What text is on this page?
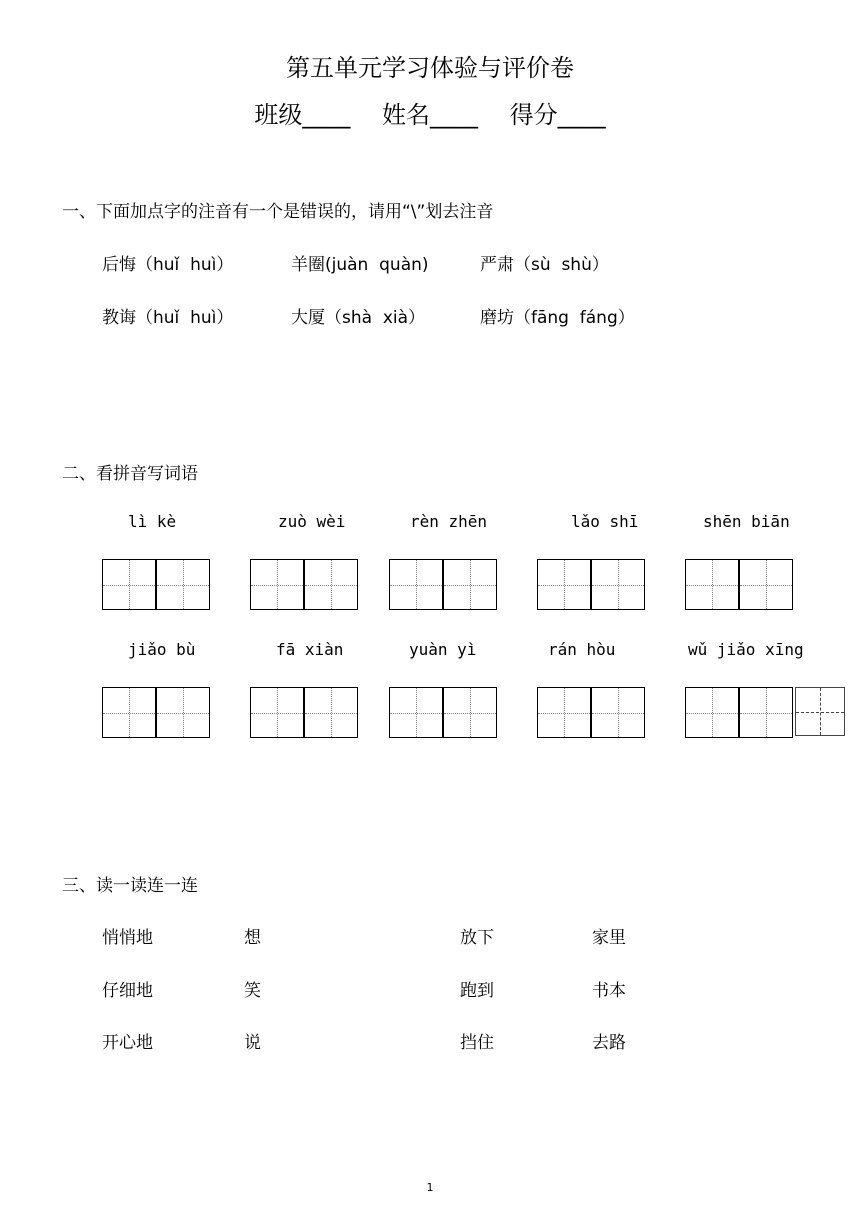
第五单元学习体验与评价卷
班级____ 姓名____ 得分____
一、下面加点字的注音有一个是错误的，请用“\”划去注音
后悔（huǐ  huì）	羊圈(juàn  quàn)	严肃（sù  shù）
教诲（huǐ  huì）	大厦（shà  xià）	磨坊（fāng  fáng）
二、看拼音写词语
lì kè	zuò wèi	rèn zhēn	lǎo shī	shēn biān
jiǎo bù	fā xiàn	yuàn yì	rán hòu	wǔ jiǎo xīng
三、读一读连一连
悄悄地	想	放下	家里
仔细地	笑	跑到	书本
开心地	说	挡住	去路
1
